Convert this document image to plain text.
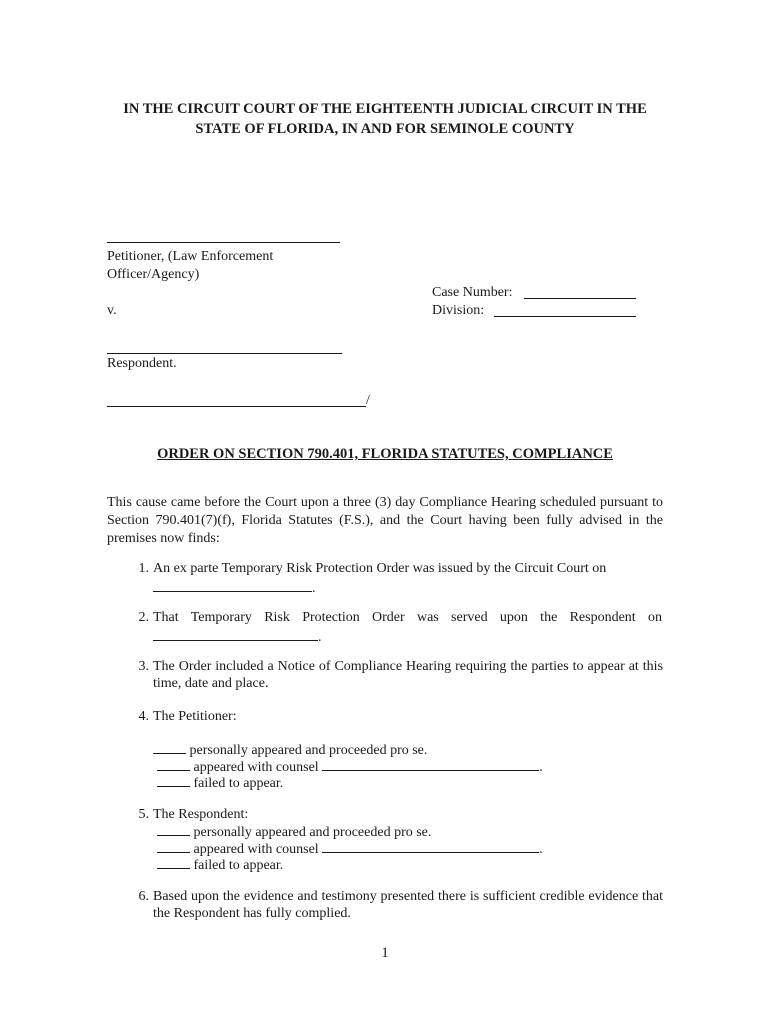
IN THE CIRCUIT COURT OF THE EIGHTEENTH JUDICIAL CIRCUIT IN THE
STATE OF FLORIDA, IN AND FOR SEMINOLE COUNTY
Petitioner, (Law Enforcement
Officer/Agency)
Case Number:
Division:
v.
Respondent.
/
ORDER ON SECTION 790.401, FLORIDA STATUTES, COMPLIANCE
This cause came before the Court upon a three (3) day Compliance Hearing scheduled pursuant to Section 790.401(7)(f), Florida Statutes (F.S.), and the Court having been fully advised in the premises now finds:
1. An ex parte Temporary Risk Protection Order was issued by the Circuit Court on
.
2. That Temporary Risk Protection Order was served upon the Respondent on
.
3. The Order included a Notice of Compliance Hearing requiring the parties to appear at this time, date and place.
4. The Petitioner:
personally appeared and proceeded pro se.
appeared with counsel	.
failed to appear.
5. The Respondent:
personally appeared and proceeded pro se.
appeared with counsel	.
failed to appear.
6. Based upon the evidence and testimony presented there is sufficient credible evidence that the Respondent has fully complied.
1
